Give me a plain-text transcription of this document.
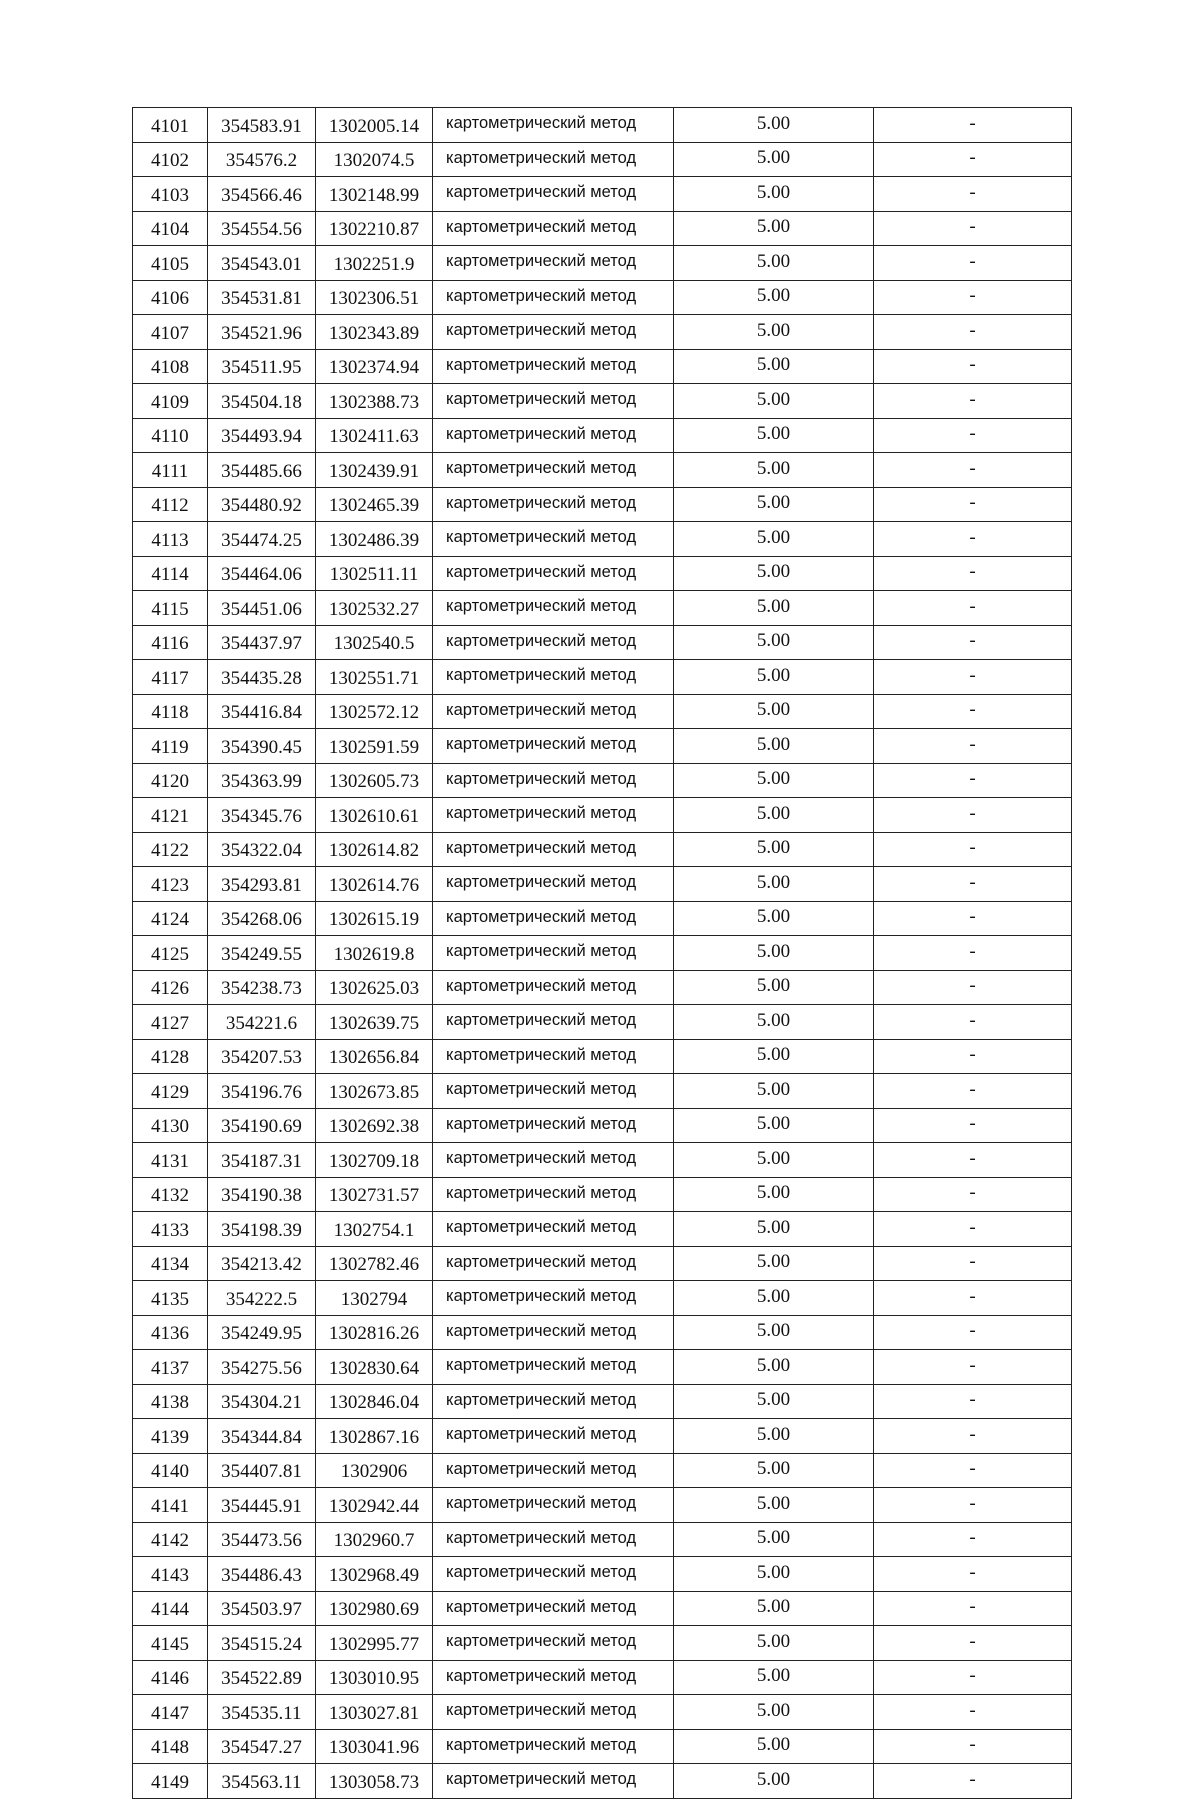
4101	354583.91	1302005.14	картометрический метод	5.00	-
4102	354576.2	1302074.5	картометрический метод	5.00	-
4103	354566.46	1302148.99	картометрический метод	5.00	-
4104	354554.56	1302210.87	картометрический метод	5.00	-
4105	354543.01	1302251.9	картометрический метод	5.00	-
4106	354531.81	1302306.51	картометрический метод	5.00	-
4107	354521.96	1302343.89	картометрический метод	5.00	-
4108	354511.95	1302374.94	картометрический метод	5.00	-
4109	354504.18	1302388.73	картометрический метод	5.00	-
4110	354493.94	1302411.63	картометрический метод	5.00	-
4111	354485.66	1302439.91	картометрический метод	5.00	-
4112	354480.92	1302465.39	картометрический метод	5.00	-
4113	354474.25	1302486.39	картометрический метод	5.00	-
4114	354464.06	1302511.11	картометрический метод	5.00	-
4115	354451.06	1302532.27	картометрический метод	5.00	-
4116	354437.97	1302540.5	картометрический метод	5.00	-
4117	354435.28	1302551.71	картометрический метод	5.00	-
4118	354416.84	1302572.12	картометрический метод	5.00	-
4119	354390.45	1302591.59	картометрический метод	5.00	-
4120	354363.99	1302605.73	картометрический метод	5.00	-
4121	354345.76	1302610.61	картометрический метод	5.00	-
4122	354322.04	1302614.82	картометрический метод	5.00	-
4123	354293.81	1302614.76	картометрический метод	5.00	-
4124	354268.06	1302615.19	картометрический метод	5.00	-
4125	354249.55	1302619.8	картометрический метод	5.00	-
4126	354238.73	1302625.03	картометрический метод	5.00	-
4127	354221.6	1302639.75	картометрический метод	5.00	-
4128	354207.53	1302656.84	картометрический метод	5.00	-
4129	354196.76	1302673.85	картометрический метод	5.00	-
4130	354190.69	1302692.38	картометрический метод	5.00	-
4131	354187.31	1302709.18	картометрический метод	5.00	-
4132	354190.38	1302731.57	картометрический метод	5.00	-
4133	354198.39	1302754.1	картометрический метод	5.00	-
4134	354213.42	1302782.46	картометрический метод	5.00	-
4135	354222.5	1302794	картометрический метод	5.00	-
4136	354249.95	1302816.26	картометрический метод	5.00	-
4137	354275.56	1302830.64	картометрический метод	5.00	-
4138	354304.21	1302846.04	картометрический метод	5.00	-
4139	354344.84	1302867.16	картометрический метод	5.00	-
4140	354407.81	1302906	картометрический метод	5.00	-
4141	354445.91	1302942.44	картометрический метод	5.00	-
4142	354473.56	1302960.7	картометрический метод	5.00	-
4143	354486.43	1302968.49	картометрический метод	5.00	-
4144	354503.97	1302980.69	картометрический метод	5.00	-
4145	354515.24	1302995.77	картометрический метод	5.00	-
4146	354522.89	1303010.95	картометрический метод	5.00	-
4147	354535.11	1303027.81	картометрический метод	5.00	-
4148	354547.27	1303041.96	картометрический метод	5.00	-
4149	354563.11	1303058.73	картометрический метод	5.00	-
